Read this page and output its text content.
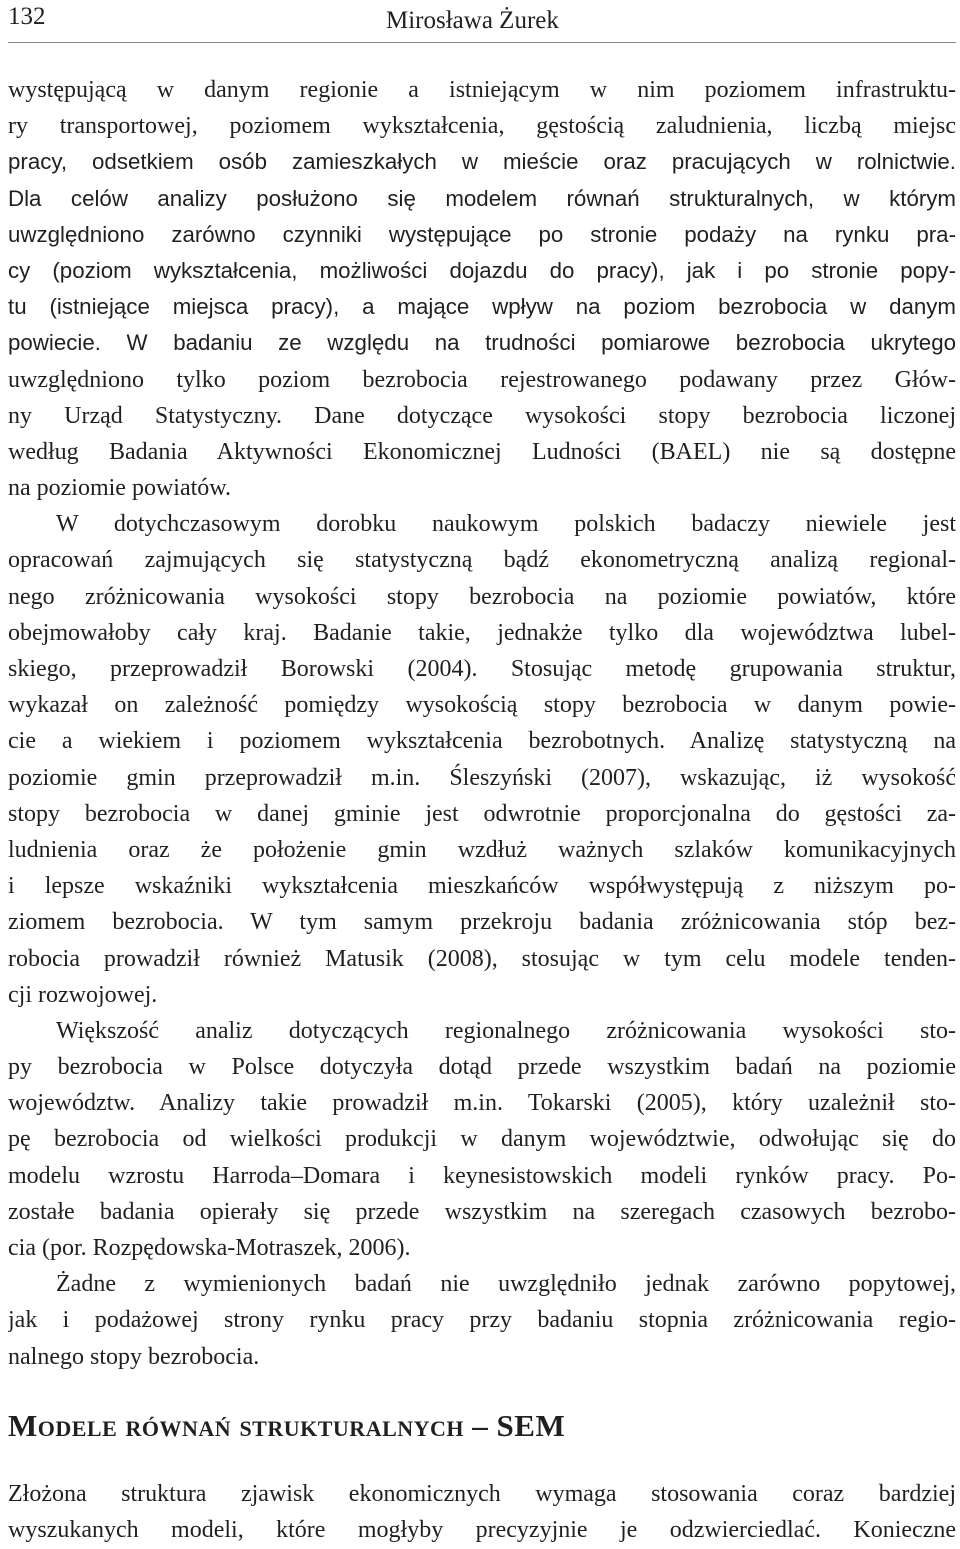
132	Mirosława Żurek
występującą w danym regionie a istniejącym w nim poziomem infrastruktu-
ry transportowej, poziomem wykształcenia, gęstością zaludnienia, liczbą miejsc
pracy, odsetkiem osób zamieszkałych w mieście oraz pracujących w rolnictwie.
Dla celów analizy posłużono się modelem równań strukturalnych, w którym
uwzględniono zarówno czynniki występujące po stronie podaży na rynku pra-
cy (poziom wykształcenia, możliwości dojazdu do pracy), jak i po stronie popy-
tu (istniejące miejsca pracy), a mające wpływ na poziom bezrobocia w danym
powiecie. W badaniu ze względu na trudności pomiarowe bezrobocia ukrytego
uwzględniono tylko poziom bezrobocia rejestrowanego podawany przez Głów-
ny Urząd Statystyczny. Dane dotyczące wysokości stopy bezrobocia liczonej
według Badania Aktywności Ekonomicznej Ludności (BAEL) nie są dostępne
na poziomie powiatów.
W dotychczasowym dorobku naukowym polskich badaczy niewiele jest
opracowań zajmujących się statystyczną bądź ekonometryczną analizą regional-
nego zróżnicowania wysokości stopy bezrobocia na poziomie powiatów, które
obejmowałoby cały kraj. Badanie takie, jednakże tylko dla województwa lubel-
skiego, przeprowadził Borowski (2004). Stosując metodę grupowania struktur,
wykazał on zależność pomiędzy wysokością stopy bezrobocia w danym powie-
cie a wiekiem i poziomem wykształcenia bezrobotnych. Analizę statystyczną na
poziomie gmin przeprowadził m.in. Śleszyński (2007), wskazując, iż wysokość
stopy bezrobocia w danej gminie jest odwrotnie proporcjonalna do gęstości za-
ludnienia oraz że położenie gmin wzdłuż ważnych szlaków komunikacyjnych
i lepsze wskaźniki wykształcenia mieszkańców współwystępują z niższym po-
ziomem bezrobocia. W tym samym przekroju badania zróżnicowania stóp bez-
robocia prowadził również Matusik (2008), stosując w tym celu modele tenden-
cji rozwojowej.
Większość analiz dotyczących regionalnego zróżnicowania wysokości sto-
py bezrobocia w Polsce dotyczyła dotąd przede wszystkim badań na poziomie
województw. Analizy takie prowadził m.in. Tokarski (2005), który uzależnił sto-
pę bezrobocia od wielkości produkcji w danym województwie, odwołując się do
modelu wzrostu Harroda–Domara i keynesistowskich modeli rynków pracy. Po-
zostałe badania opierały się przede wszystkim na szeregach czasowych bezrobo-
cia (por. Rozpędowska-Motraszek, 2006).
Żadne z wymienionych badań nie uwzględniło jednak zarówno popytowej,
jak i podażowej strony rynku pracy przy badaniu stopnia zróżnicowania regio-
nalnego stopy bezrobocia.
Modele równań strukturalnych – SEM
Złożona struktura zjawisk ekonomicznych wymaga stosowania coraz bardziej
wyszukanych modeli, które mogłyby precyzyjnie je odzwierciedlać. Konieczne
